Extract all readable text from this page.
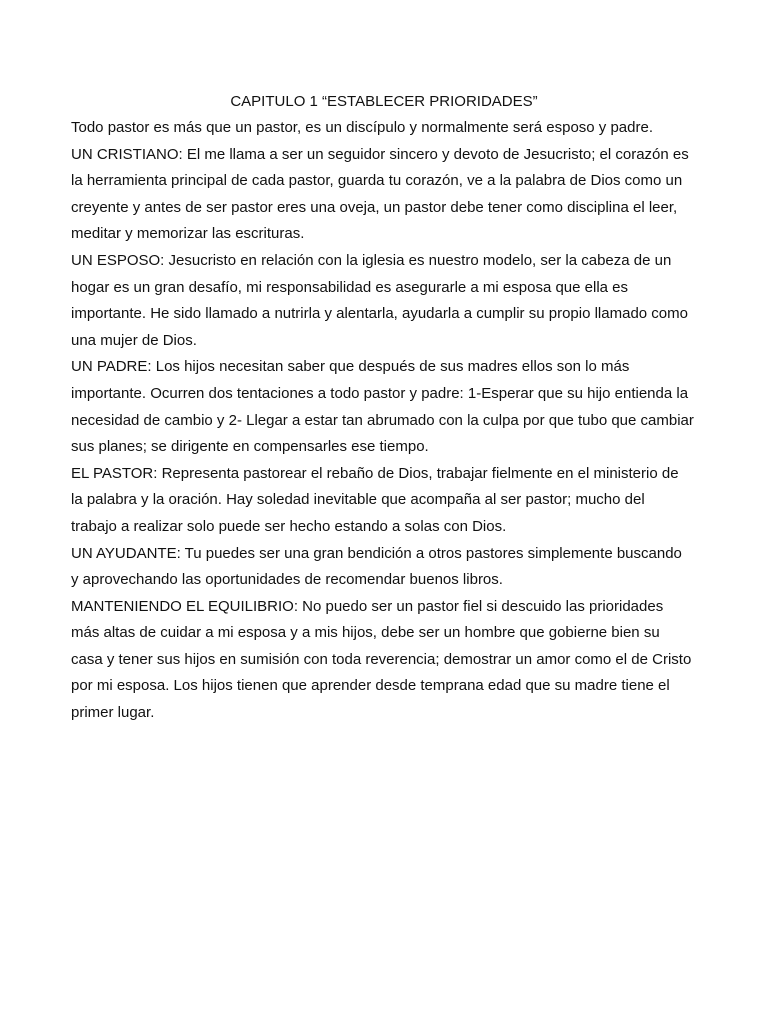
CAPITULO 1 “ESTABLECER PRIORIDADES”
Todo pastor es más que un pastor, es un discípulo y normalmente será esposo y padre.
UN CRISTIANO: El me llama a ser un seguidor sincero y devoto de Jesucristo; el corazón es
la herramienta principal de cada pastor, guarda tu corazón, ve a la palabra de Dios como un
creyente y antes de ser pastor eres una oveja, un pastor debe tener como disciplina el leer,
meditar y memorizar las escrituras.
UN ESPOSO: Jesucristo en relación con la iglesia es nuestro modelo, ser la cabeza de un
hogar es un gran desafío, mi responsabilidad es asegurarle a mi esposa que ella es
importante. He sido llamado a nutrirla y alentarla, ayudarla a cumplir su propio llamado como
una mujer de Dios.
UN PADRE: Los hijos necesitan saber que después de sus madres ellos son lo más
importante. Ocurren dos tentaciones a todo pastor y padre: 1-Esperar que su hijo entienda la
necesidad de cambio y 2- Llegar a estar tan abrumado con la culpa por que tubo que cambiar
sus planes; se dirigente en compensarles ese tiempo.
EL PASTOR: Representa pastorear el rebaño de Dios, trabajar fielmente en el ministerio de
la palabra y la oración. Hay soledad inevitable que acompaña al ser pastor; mucho del
trabajo a realizar solo puede ser hecho estando a solas con Dios.
UN AYUDANTE: Tu puedes ser una gran bendición a otros pastores simplemente buscando
y aprovechando las oportunidades de recomendar buenos libros.
MANTENIENDO EL EQUILIBRIO: No puedo ser un pastor fiel si descuido las prioridades
más altas de cuidar a mi esposa y a mis hijos, debe ser un hombre que gobierne bien su
casa y tener sus hijos en sumisión con toda reverencia; demostrar un amor como el de Cristo
por mi esposa. Los hijos tienen que aprender desde temprana edad que su madre tiene el
primer lugar.
